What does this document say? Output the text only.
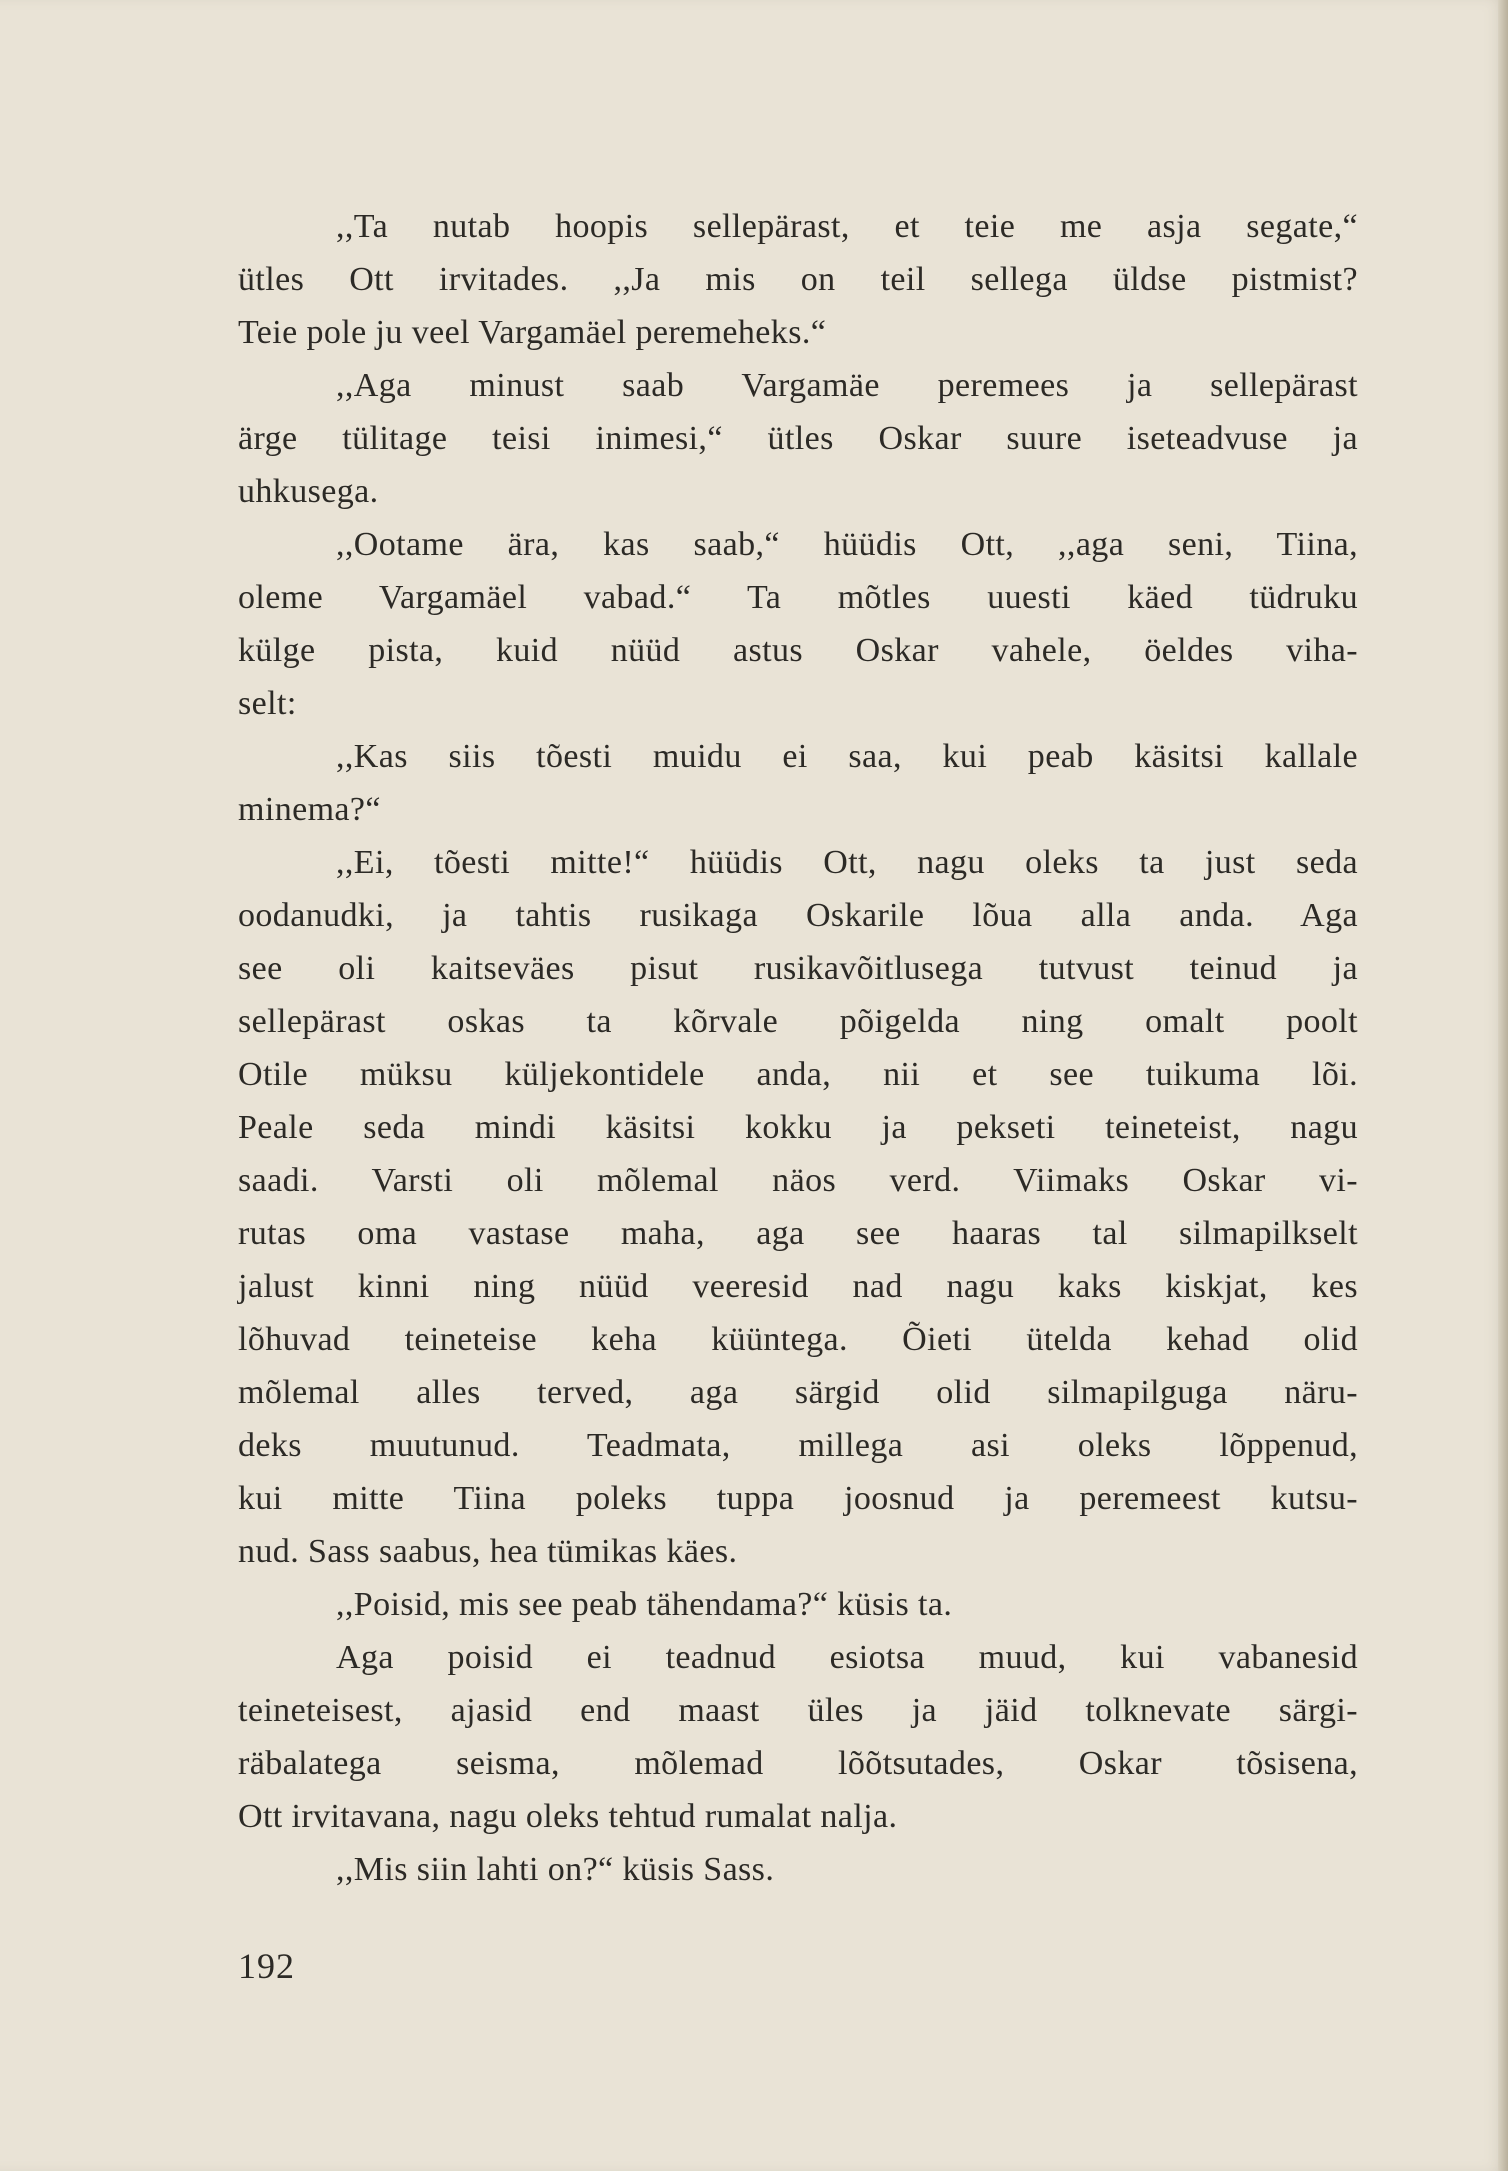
,,Ta nutab hoopis sellepärast, et teie me asja segate,“
ütles Ott irvitades. ,,Ja mis on teil sellega üldse pistmist?
Teie pole ju veel Vargamäel peremeheks.“
,,Aga minust saab Vargamäe peremees ja sellepärast
ärge tülitage teisi inimesi,“ ütles Oskar suure iseteadvuse ja
uhkusega.
,,Ootame ära, kas saab,“ hüüdis Ott, ,,aga seni, Tiina,
oleme Vargamäel vabad.“ Ta mõtles uuesti käed tüdruku
külge pista, kuid nüüd astus Oskar vahele, öeldes viha-
selt:
,,Kas siis tõesti muidu ei saa, kui peab käsitsi kallale
minema?“
,,Ei, tõesti mitte!“ hüüdis Ott, nagu oleks ta just seda
oodanudki, ja tahtis rusikaga Oskarile lõua alla anda. Aga
see oli kaitseväes pisut rusikavõitlusega tutvust teinud ja
sellepärast oskas ta kõrvale põigelda ning omalt poolt
Otile müksu küljekontidele anda, nii et see tuikuma lõi.
Peale seda mindi käsitsi kokku ja pekseti teineteist, nagu
saadi. Varsti oli mõlemal näos verd. Viimaks Oskar vi-
rutas oma vastase maha, aga see haaras tal silmapilkselt
jalust kinni ning nüüd veeresid nad nagu kaks kiskjat, kes
lõhuvad teineteise keha küüntega. Õieti ütelda kehad olid
mõlemal alles terved, aga särgid olid silmapilguga näru-
deks muutunud. Teadmata, millega asi oleks lõppenud,
kui mitte Tiina poleks tuppa joosnud ja peremeest kutsu-
nud. Sass saabus, hea tümikas käes.
,,Poisid, mis see peab tähendama?“ küsis ta.
Aga poisid ei teadnud esiotsa muud, kui vabanesid
teineteisest, ajasid end maast üles ja jäid tolknevate särgi-
räbalatega seisma, mõlemad lõõtsutades, Oskar tõsisena,
Ott irvitavana, nagu oleks tehtud rumalat nalja.
,,Mis siin lahti on?“ küsis Sass.
192
